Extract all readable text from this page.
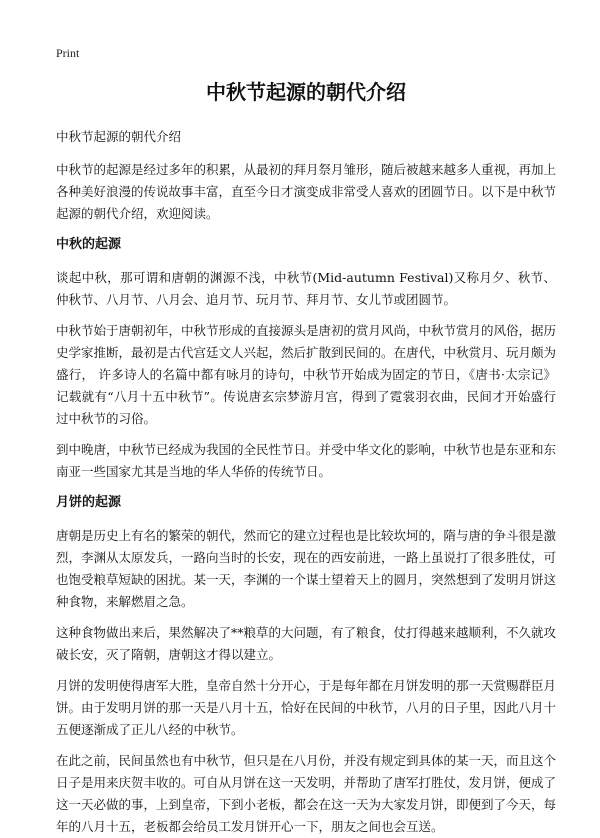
Print
中秋节起源的朝代介绍

中秋节起源的朝代介绍

中秋节的起源是经过多年的积累，从最初的拜月祭月雏形，随后被越来越多人重视，再加上各种美好浪漫的传说故事丰富，直至今日才演变成非常受人喜欢的团圆节日。以下是中秋节起源的朝代介绍，欢迎阅读。

中秋的起源

谈起中秋，那可谓和唐朝的渊源不浅，中秋节(Mid-autumn Festival)又称月夕、秋节、仲秋节、八月节、八月会、追月节、玩月节、拜月节、女儿节或团圆节。

中秋节始于唐朝初年，中秋节形成的直接源头是唐初的赏月风尚，中秋节赏月的风俗，据历史学家推断，最初是古代宫廷文人兴起，然后扩散到民间的。在唐代，中秋赏月、玩月颇为盛行， 许多诗人的名篇中都有咏月的诗句，中秋节开始成为固定的节日，《唐书·太宗记》记载就有“八月十五中秋节”。传说唐玄宗梦游月宫，得到了霓裳羽衣曲，民间才开始盛行过中秋节的习俗。

到中晚唐，中秋节已经成为我国的全民性节日。并受中华文化的影响，中秋节也是东亚和东南亚一些国家尤其是当地的华人华侨的传统节日。

月饼的起源

唐朝是历史上有名的繁荣的朝代，然而它的建立过程也是比较坎坷的，隋与唐的争斗很是激烈，李渊从太原发兵，一路向当时的长安，现在的西安前进，一路上虽说打了很多胜仗，可也饱受粮草短缺的困扰。某一天，李渊的一个谋士望着天上的圆月，突然想到了发明月饼这种食物，来解燃眉之急。

这种食物做出来后，果然解决了**粮草的大问题，有了粮食，仗打得越来越顺利，不久就攻破长安，灭了隋朝，唐朝这才得以建立。

月饼的发明使得唐军大胜，皇帝自然十分开心，于是每年都在月饼发明的那一天赏赐群臣月饼。由于发明月饼的那一天是八月十五，恰好在民间的中秋节，八月的日子里，因此八月十五便逐渐成了正儿八经的中秋节。

在此之前，民间虽然也有中秋节，但只是在八月份，并没有规定到具体的某一天，而且这个日子是用来庆贺丰收的。可自从月饼在这一天发明，并帮助了唐军打胜仗，发月饼，便成了这一天必做的事，上到皇帝，下到小老板，都会在这一天为大家发月饼，即便到了今天，每年的八月十五，老板都会给员工发月饼开心一下，朋友之间也会互送。
